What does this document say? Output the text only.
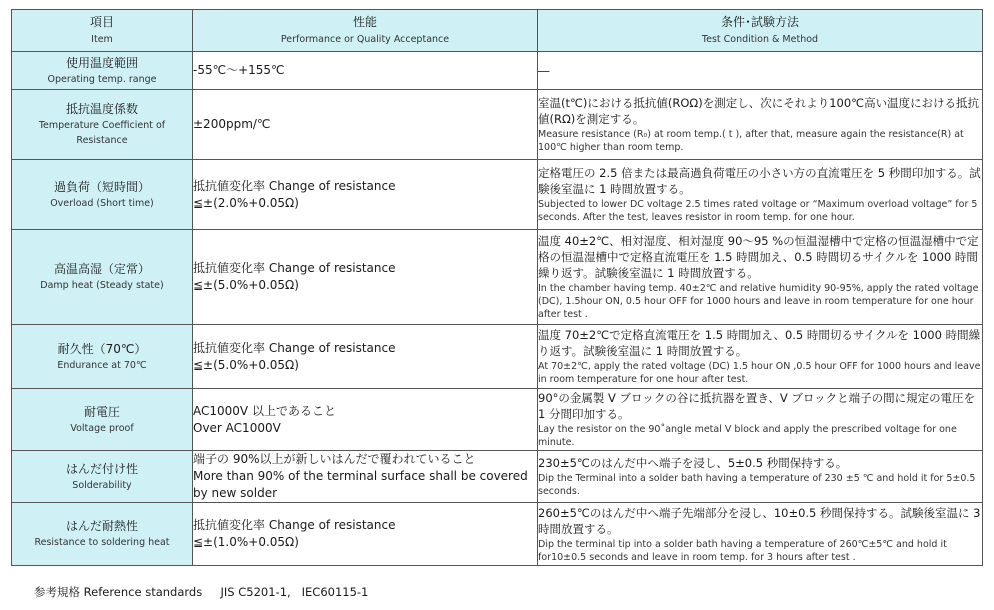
項目
Item	性能
Performance or Quality Acceptance	条件･試験方法
Test Condition & Method

使用温度範囲
Operating temp. range	-55℃～+155℃	―

抵抗温度係数
Temperature Coefficient of Resistance	±200ppm/℃	室温(t℃)における抵抗値(ROΩ)を測定し、次にそれより100℃高い温度における抵抗値(RΩ)を測定する。
Measure resistance (R₀) at room temp.( t ), after that, measure again the resistance(R) at 100℃ higher than room temp.

過負荷（短時間）
Overload (Short time)	抵抗値変化率 Change of resistance
≦±(2.0%+0.05Ω)	定格電圧の 2.5 倍または最高過負荷電圧の小さい方の直流電圧を 5 秒間印加する。試験後室温に 1 時間放置する。
Subjected to lower DC voltage 2.5 times rated voltage or “Maximum overload voltage” for 5 seconds. After the test, leaves resistor in room temp. for one hour.

高温高湿（定常）
Damp heat (Steady state)	抵抗値変化率 Change of resistance
≦±(5.0%+0.05Ω)	温度 40±2℃、相対湿度、相対湿度 90～95 %の恒温湿槽中で定格の恒温湿槽中で定格の恒温湿槽中で定格直流電圧を 1.5 時間加え、0.5 時間切るサイクルを 1000 時間繰り返す。試験後室温に 1 時間放置する。
In the chamber having temp. 40±2℃ and relative humidity 90-95%, apply the rated voltage (DC), 1.5hour ON, 0.5 hour OFF for 1000 hours and leave in room temperature for one hour after test .

耐久性（70℃）
Endurance at 70℃	抵抗値変化率 Change of resistance
≦±(5.0%+0.05Ω)	温度 70±2℃で定格直流電圧を 1.5 時間加え、0.5 時間切るサイクルを 1000 時間繰り返す。試験後室温に 1 時間放置する。
At 70±2℃, apply the rated voltage (DC) 1.5 hour ON ,0.5 hour OFF for 1000 hours and leave in room temperature for one hour after test.

耐電圧
Voltage proof	AC1000V 以上であること
Over AC1000V	90°の金属製 V ブロックの谷に抵抗器を置き、V ブロックと端子の間に規定の電圧を 1 分間印加する。
Lay the resistor on the 90˚angle metal V block and apply the prescribed voltage for one minute.

はんだ付け性
Solderability	端子の 90%以上が新しいはんだで覆われていること
More than 90% of the terminal surface shall be covered by new solder	230±5℃のはんだ中へ端子を浸し、5±0.5 秒間保持する。
Dip the Terminal into a solder bath having a temperature of 230 ±5 ℃ and hold it for 5±0.5 seconds.

はんだ耐熱性
Resistance to soldering heat	抵抗値変化率 Change of resistance
≦±(1.0%+0.05Ω)	260±5℃のはんだ中へ端子先端部分を浸し、10±0.5 秒間保持する。試験後室温に 3 時間放置する。
Dip the terminal tip into a solder bath having a temperature of 260℃±5℃ and hold it for10±0.5 seconds and leave in room temp. for 3 hours after test .
参考規格 Reference standards JIS C5201-1,   IEC60115-1
